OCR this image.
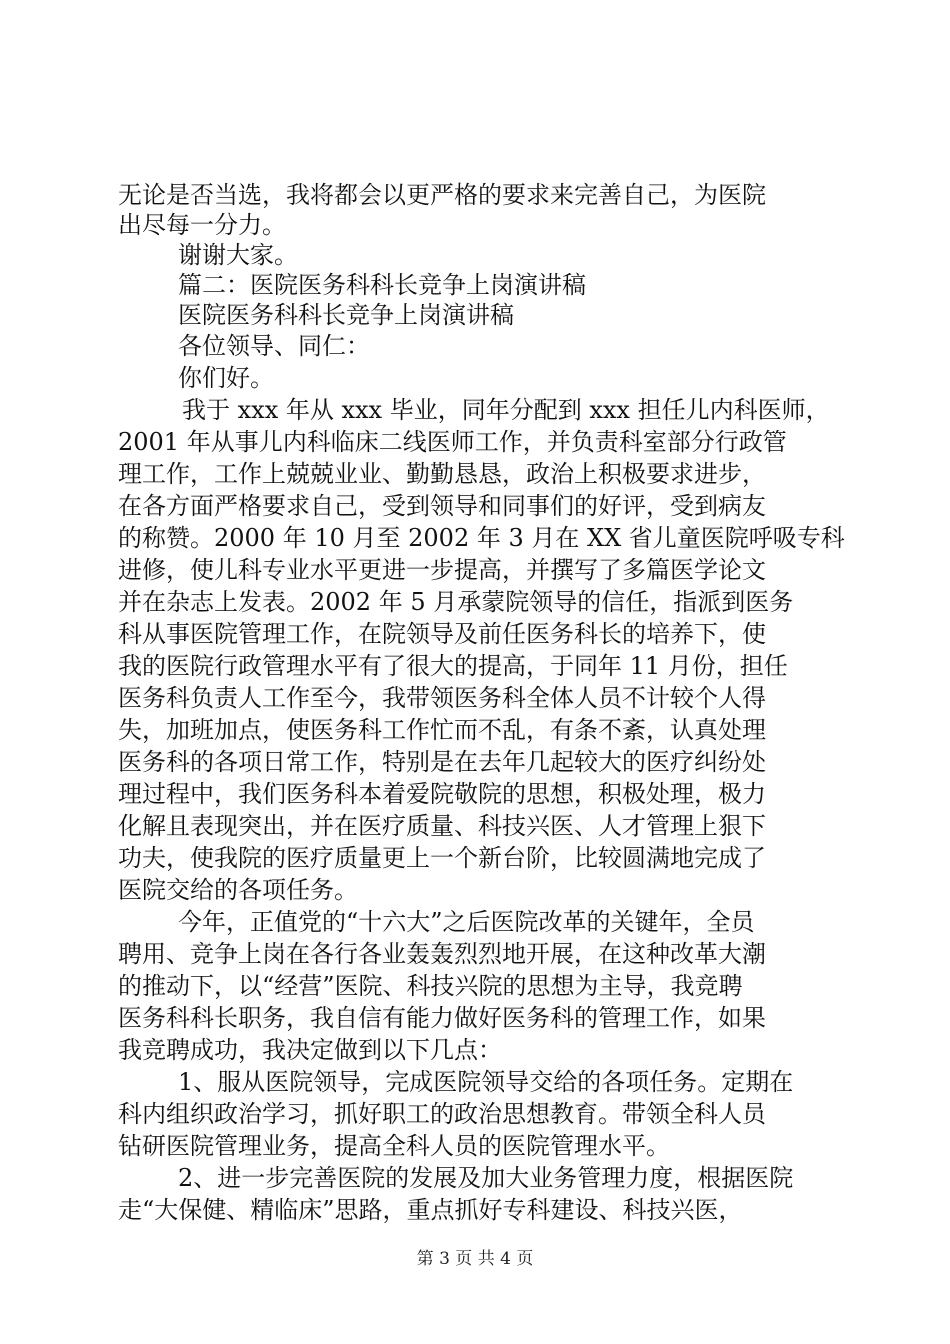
无论是否当选，我将都会以更严格的要求来完善自己，为医院
出尽每一分力。
谢谢大家。
篇二：医院医务科科长竞争上岗演讲稿
医院医务科科长竞争上岗演讲稿
各位领导、同仁：
你们好。
我于 xxx 年从 xxx 毕业，同年分配到 xxx 担任儿内科医师，
2001 年从事儿内科临床二线医师工作，并负责科室部分行政管
理工作，工作上兢兢业业、勤勤恳恳，政治上积极要求进步，
在各方面严格要求自己，受到领导和同事们的好评，受到病友
的称赞。2000 年 10 月至 2002 年 3 月在 XX 省儿童医院呼吸专科
进修，使儿科专业水平更进一步提高，并撰写了多篇医学论文
并在杂志上发表。2002 年 5 月承蒙院领导的信任，指派到医务
科从事医院管理工作，在院领导及前任医务科长的培养下，使
我的医院行政管理水平有了很大的提高，于同年 11 月份，担任
医务科负责人工作至今，我带领医务科全体人员不计较个人得
失，加班加点，使医务科工作忙而不乱，有条不紊，认真处理
医务科的各项日常工作，特别是在去年几起较大的医疗纠纷处
理过程中，我们医务科本着爱院敬院的思想，积极处理，极力
化解且表现突出，并在医疗质量、科技兴医、人才管理上狠下
功夫，使我院的医疗质量更上一个新台阶，比较圆满地完成了
医院交给的各项任务。
今年，正值党的“十六大”之后医院改革的关键年，全员
聘用、竞争上岗在各行各业轰轰烈烈地开展，在这种改革大潮
的推动下，以“经营”医院、科技兴院的思想为主导，我竞聘
医务科科长职务，我自信有能力做好医务科的管理工作，如果
我竞聘成功，我决定做到以下几点：
1、服从医院领导，完成医院领导交给的各项任务。定期在
科内组织政治学习，抓好职工的政治思想教育。带领全科人员
钻研医院管理业务，提高全科人员的医院管理水平。
2、进一步完善医院的发展及加大业务管理力度，根据医院
走“大保健、精临床”思路，重点抓好专科建设、科技兴医，
第 3 页 共 4 页
